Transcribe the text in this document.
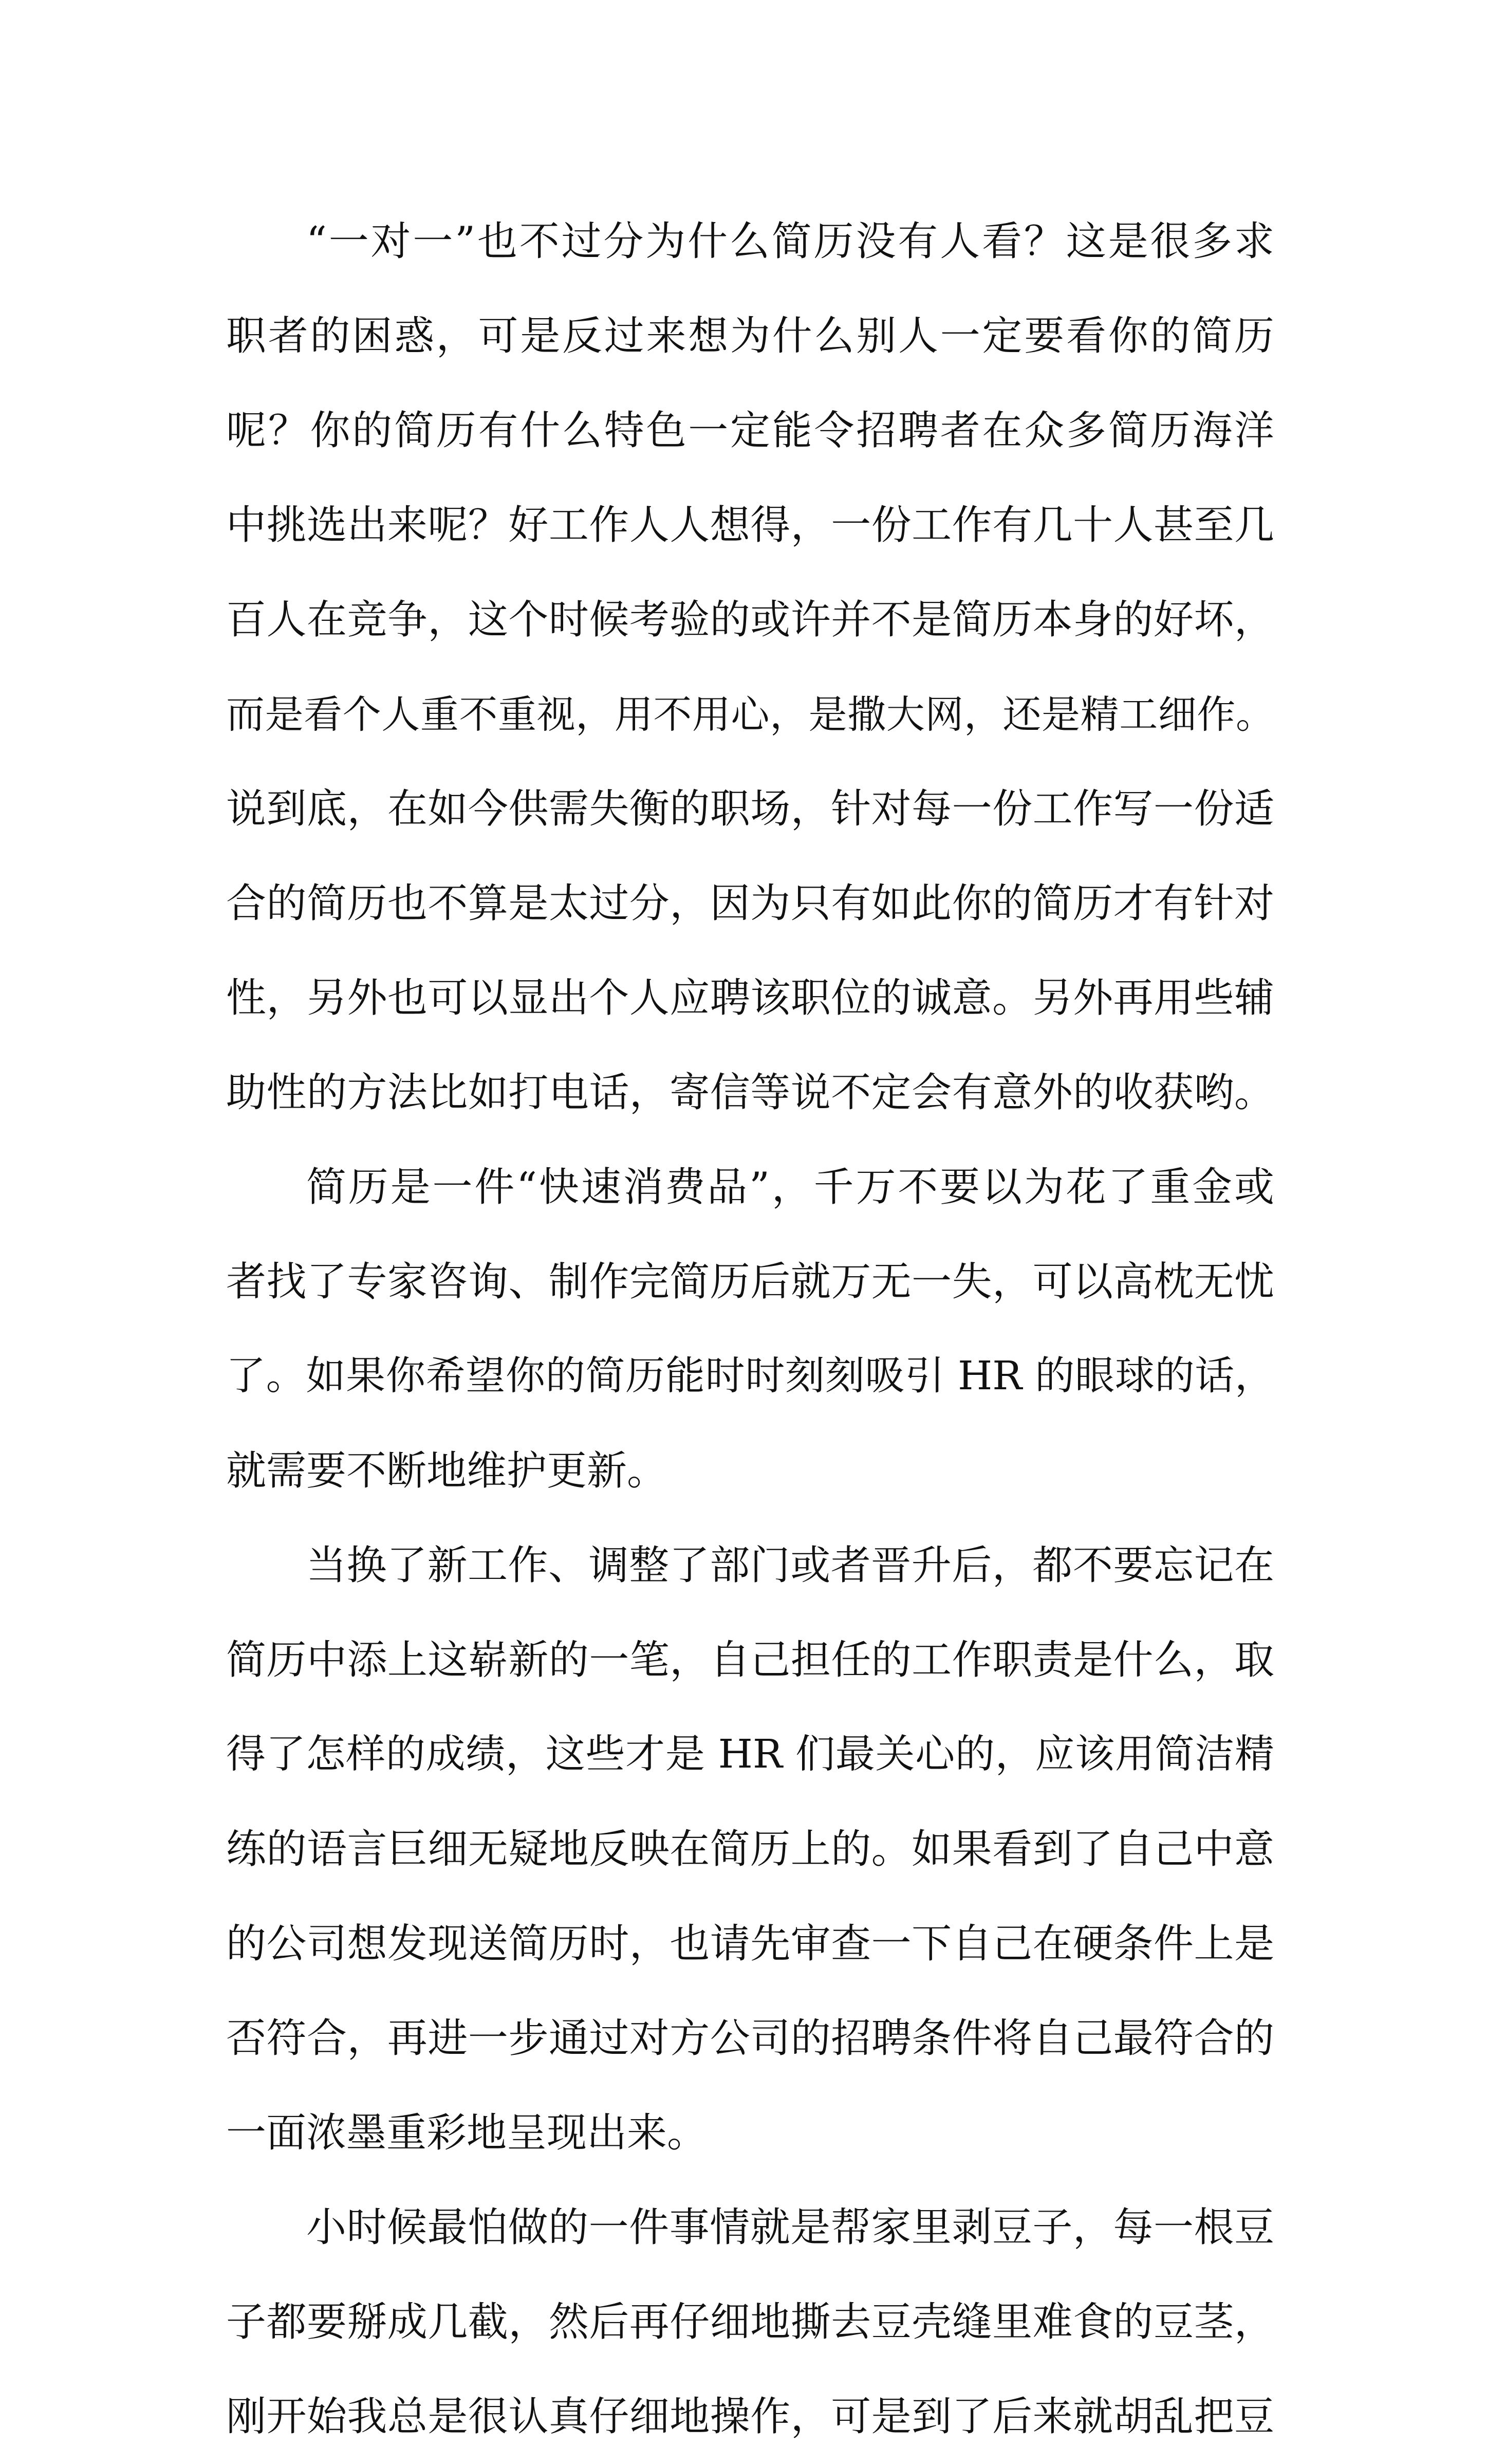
“一对一”也不过分为什么简历没有人看？这是很多求
职者的困惑，可是反过来想为什么别人一定要看你的简历
呢？你的简历有什么特色一定能令招聘者在众多简历海洋
中挑选出来呢？好工作人人想得，一份工作有几十人甚至几
百人在竞争，这个时候考验的或许并不是简历本身的好坏，
而是看个人重不重视，用不用心，是撒大网，还是精工细作。
说到底，在如今供需失衡的职场，针对每一份工作写一份适
合的简历也不算是太过分，因为只有如此你的简历才有针对
性，另外也可以显出个人应聘该职位的诚意。另外再用些辅
助性的方法比如打电话，寄信等说不定会有意外的收获哟。
简历是一件“快速消费品”，千万不要以为花了重金或
者找了专家咨询、制作完简历后就万无一失，可以高枕无忧
了。如果你希望你的简历能时时刻刻吸引 HR 的眼球的话，
就需要不断地维护更新。
当换了新工作、调整了部门或者晋升后，都不要忘记在
简历中添上这崭新的一笔，自己担任的工作职责是什么，取
得了怎样的成绩，这些才是 HR 们最关心的，应该用简洁精
练的语言巨细无疑地反映在简历上的。如果看到了自己中意
的公司想发现送简历时，也请先审查一下自己在硬条件上是
否符合，再进一步通过对方公司的招聘条件将自己最符合的
一面浓墨重彩地呈现出来。
小时候最怕做的一件事情就是帮家里剥豆子，每一根豆
子都要掰成几截，然后再仔细地撕去豆壳缝里难食的豆茎，
刚开始我总是很认真仔细地操作，可是到了后来就胡乱把豆
